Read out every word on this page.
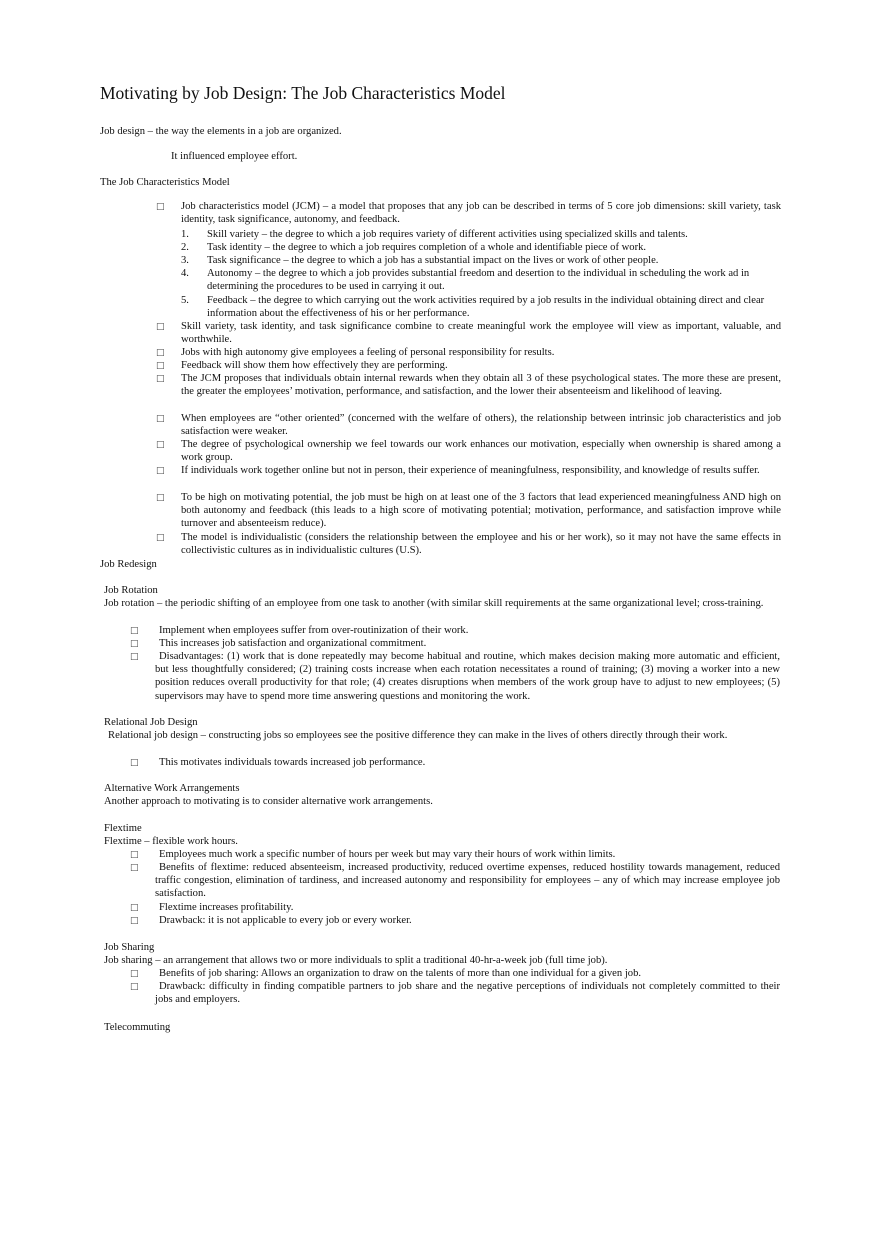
Motivating by Job Design: The Job Characteristics Model
Job design – the way the elements in a job are organized.
It influenced employee effort.
The Job Characteristics Model
□ Job characteristics model (JCM) – a model that proposes that any job can be described in terms of 5 core job dimensions: skill variety, task identity, task significance, autonomy, and feedback.
1. Skill variety – the degree to which a job requires variety of different activities using specialized skills and talents.
2. Task identity – the degree to which a job requires completion of a whole and identifiable piece of work.
3. Task significance – the degree to which a job has a substantial impact on the lives or work of other people.
4.	Autonomy – the degree to which a job provides substantial freedom and desertion to the individual in scheduling the work ad in determining the procedures to be used in carrying it out.
5.	Feedback – the degree to which carrying out the work activities required by a job results in the individual obtaining direct and clear information about the effectiveness of his or her performance.
□ Skill variety, task identity, and task significance combine to create meaningful work the employee will view as important, valuable, and worthwhile.
□ Jobs with high autonomy give employees a feeling of personal responsibility for results.
□ Feedback will show them how effectively they are performing.
□ The JCM proposes that individuals obtain internal rewards when they obtain all 3 of these psychological states. The more these are present, the greater the employees’ motivation, performance, and satisfaction, and the lower their absenteeism and likelihood of leaving.
□ When employees are “other oriented” (concerned with the welfare of others), the relationship between intrinsic job characteristics and job satisfaction were weaker.
□ The degree of psychological ownership we feel towards our work enhances our motivation, especially when ownership is shared among a work group.
□ If individuals work together online but not in person, their experience of meaningfulness, responsibility, and knowledge of results suffer.
□ To be high on motivating potential, the job must be high on at least one of the 3 factors that lead experienced meaningfulness AND high on both autonomy and feedback (this leads to a high score of motivating potential; motivation, performance, and satisfaction improve while turnover and absenteeism reduce).
□ The model is individualistic (considers the relationship between the employee and his or her work), so it may not have the same effects in collectivistic cultures as in individualistic cultures (U.S).
Job Redesign
Job Rotation
Job rotation – the periodic shifting of an employee from one task to another (with similar skill requirements at the same organizational level; cross-training.
□ Implement when employees suffer from over-routinization of their work.
□ This increases job satisfaction and organizational commitment.
□	Disadvantages: (1) work that is done repeatedly may become habitual and routine, which makes decision making more automatic and efficient, but less thoughtfully considered; (2) training costs increase when each rotation necessitates a round of training; (3) moving a worker into a new position reduces overall productivity for that role; (4) creates disruptions when members of the work group have to adjust to new employees; (5) supervisors may have to spend more time answering questions and monitoring the work.
Relational Job Design
Relational job design – constructing jobs so employees see the positive difference they can make in the lives of others directly through their work.
□ This motivates individuals towards increased job performance.
Alternative Work Arrangements
Another approach to motivating is to consider alternative work arrangements.
Flextime
Flextime – flexible work hours.
□ Employees much work a specific number of hours per week but may vary their hours of work within limits.
□	Benefits of flextime: reduced absenteeism, increased productivity, reduced overtime expenses, reduced hostility towards management, reduced traffic congestion, elimination of tardiness, and increased autonomy and responsibility for employees – any of which may increase employee job satisfaction.
□ Flextime increases profitability.
□ Drawback: it is not applicable to every job or every worker.
Job Sharing
Job sharing – an arrangement that allows two or more individuals to split a traditional 40-hr-a-week job (full time job).
□ Benefits of job sharing: Allows an organization to draw on the talents of more than one individual for a given job.
□	Drawback: difficulty in finding compatible partners to job share and the negative perceptions of individuals not completely committed to their jobs and employers.
Telecommuting
